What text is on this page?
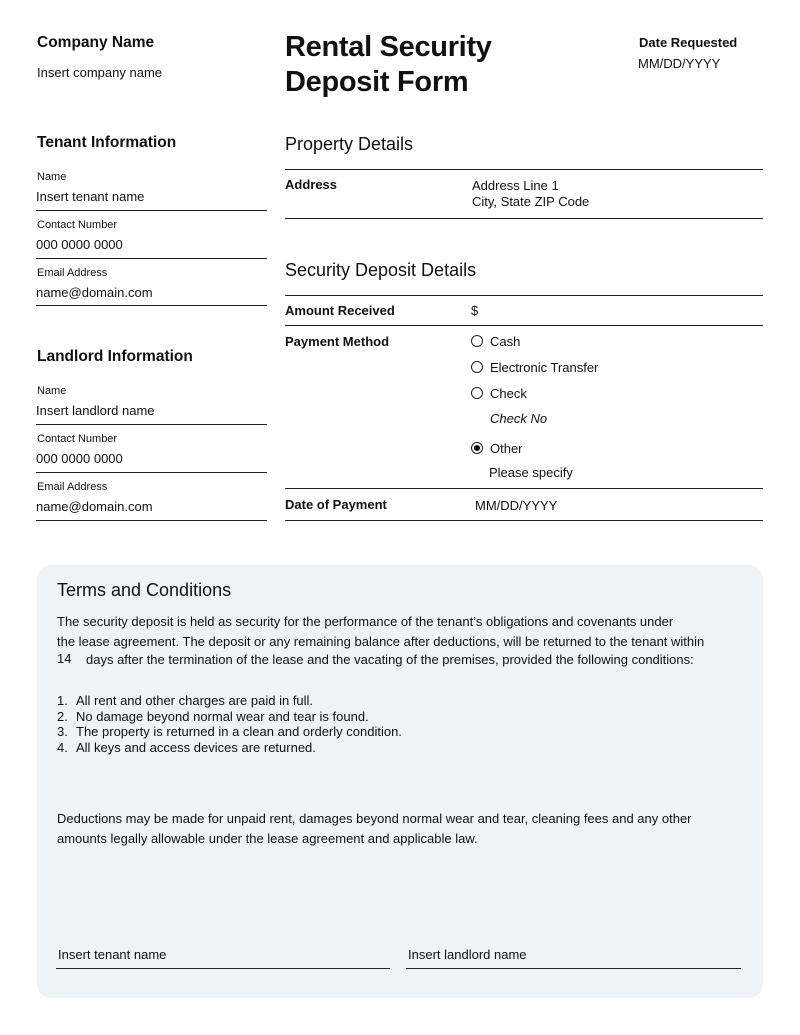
Company Name
Insert company name
Rental Security
Deposit Form
Date Requested
MM/DD/YYYY
Tenant Information
Name
Insert tenant name
Contact Number
000 0000 0000
Email Address
name@domain.com
Landlord Information
Name
Insert landlord name
Contact Number
000 0000 0000
Email Address
name@domain.com
Property Details
Address	Address Line 1
City, State ZIP Code
Security Deposit Details
Amount Received	$
Payment Method	Cash
Electronic Transfer
Check
Check No
Other
Please specify
Date of Payment	MM/DD/YYYY
Terms and Conditions
The security deposit is held as security for the performance of the tenant’s obligations and covenants under
the lease agreement. The deposit or any remaining balance after deductions, will be returned to the tenant within
14 days after the termination of the lease and the vacating of the premises, provided the following conditions:
1. All rent and other charges are paid in full.
2. No damage beyond normal wear and tear is found.
3. The property is returned in a clean and orderly condition.
4. All keys and access devices are returned.
Deductions may be made for unpaid rent, damages beyond normal wear and tear, cleaning fees and any other
amounts legally allowable under the lease agreement and applicable law.
Insert tenant name	Insert landlord name
